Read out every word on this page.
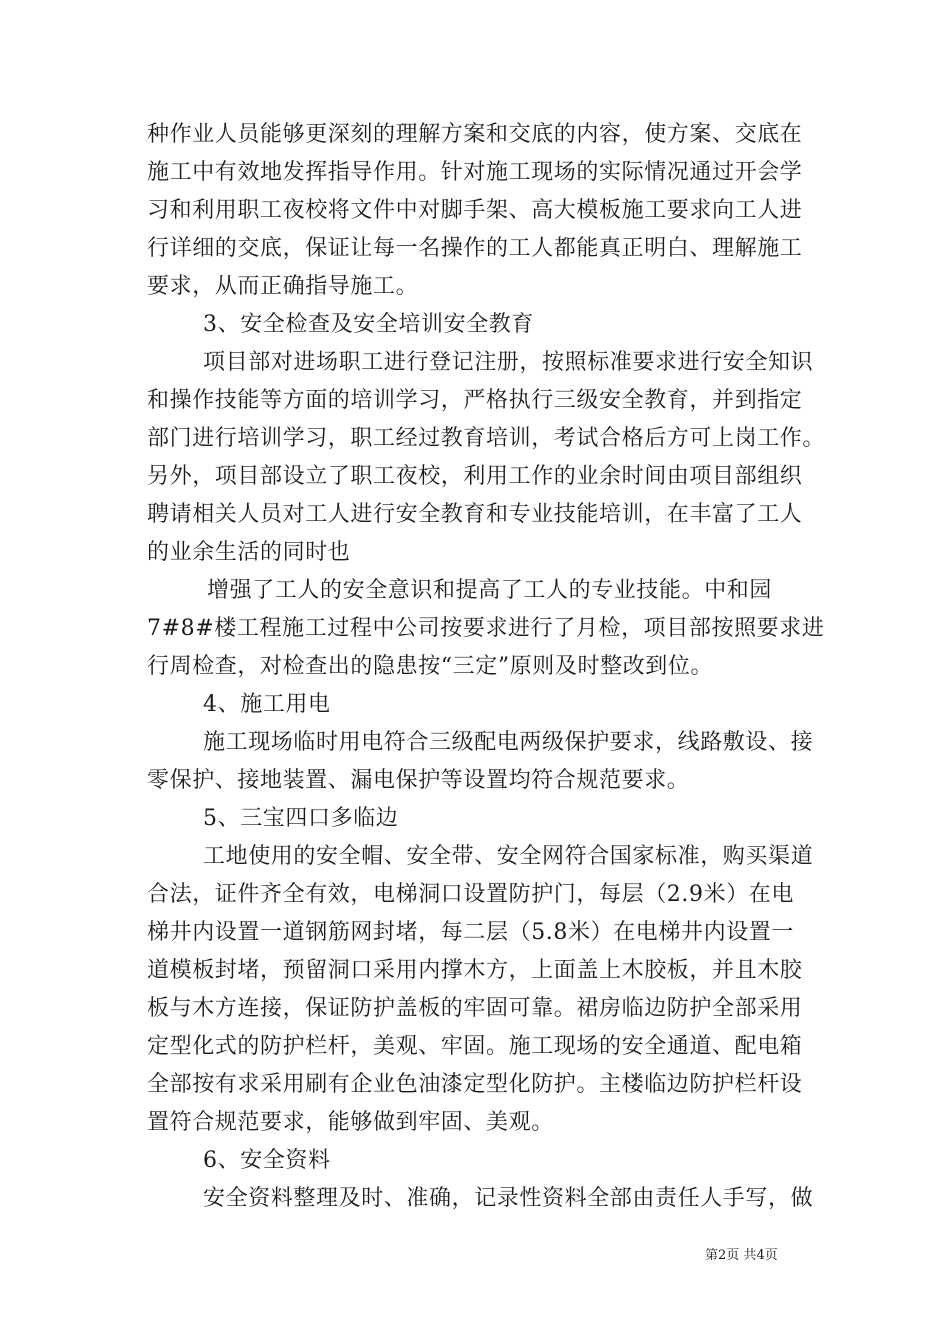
种作业人员能够更深刻的理解方案和交底的内容，使方案、交底在
施工中有效地发挥指导作用。针对施工现场的实际情况通过开会学
习和利用职工夜校将文件中对脚手架、高大模板施工要求向工人进
行详细的交底，保证让每一名操作的工人都能真正明白、理解施工
要求，从而正确指导施工。
3、安全检查及安全培训安全教育
项目部对进场职工进行登记注册，按照标准要求进行安全知识
和操作技能等方面的培训学习，严格执行三级安全教育，并到指定
部门进行培训学习，职工经过教育培训，考试合格后方可上岗工作。
另外，项目部设立了职工夜校，利用工作的业余时间由项目部组织
聘请相关人员对工人进行安全教育和专业技能培训，在丰富了工人
的业余生活的同时也
增强了工人的安全意识和提高了工人的专业技能。中和园
7#8#楼工程施工过程中公司按要求进行了月检，项目部按照要求进
行周检查，对检查出的隐患按“三定”原则及时整改到位。
4、施工用电
施工现场临时用电符合三级配电两级保护要求，线路敷设、接
零保护、接地装置、漏电保护等设置均符合规范要求。
5、三宝四口多临边
工地使用的安全帽、安全带、安全网符合国家标准，购买渠道
合法，证件齐全有效，电梯洞口设置防护门，每层（2.9米）在电
梯井内设置一道钢筋网封堵，每二层（5.8米）在电梯井内设置一
道模板封堵，预留洞口采用内撑木方，上面盖上木胶板，并且木胶
板与木方连接，保证防护盖板的牢固可靠。裙房临边防护全部采用
定型化式的防护栏杆，美观、牢固。施工现场的安全通道、配电箱
全部按有求采用刷有企业色油漆定型化防护。主楼临边防护栏杆设
置符合规范要求，能够做到牢固、美观。
6、安全资料
安全资料整理及时、准确，记录性资料全部由责任人手写，做
第2页 共4页
